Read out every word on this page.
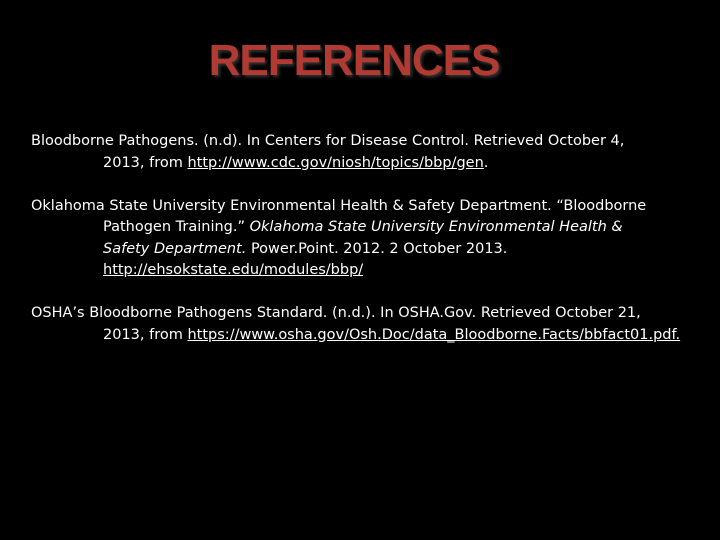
REFERENCES
Bloodborne Pathogens. (n.d). In Centers for Disease Control. Retrieved October 4,
2013, from http://www.cdc.gov/niosh/topics/bbp/gen.
Oklahoma State University Environmental Health & Safety Department. “Bloodborne
Pathogen Training.” Oklahoma State University Environmental Health &
Safety Department. Power.Point. 2012. 2 October 2013.
http://ehsokstate.edu/modules/bbp/
OSHA’s Bloodborne Pathogens Standard. (n.d.). In OSHA.Gov. Retrieved October 21,
2013, from https://www.osha.gov/Osh.Doc/data_Bloodborne.Facts/bbfact01.pdf.
